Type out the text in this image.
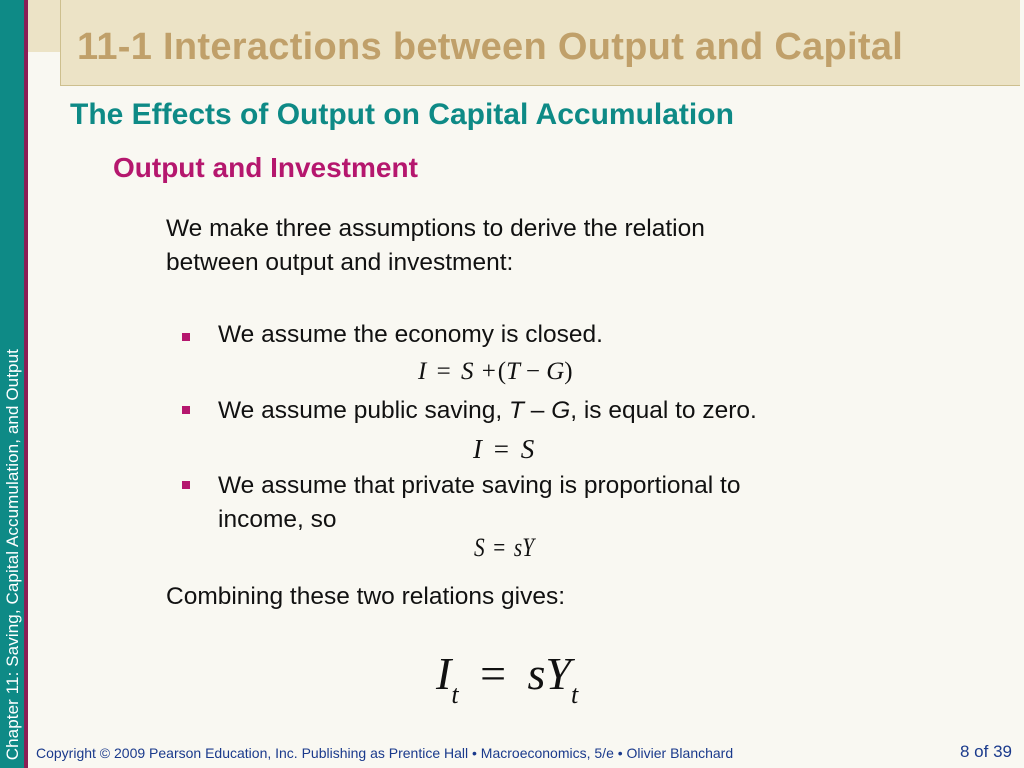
Chapter 11: Saving, Capital Accumulation, and Output
11-1 Interactions between Output and Capital
The Effects of Output on Capital Accumulation
Output and Investment
We make three assumptions to derive the relation
between output and investment:
We assume the economy is closed.
I = S +(T − G)
We assume public saving, T – G, is equal to zero.
I = S
We assume that private saving is proportional to
income, so
S = sY
Combining these two relations gives:
$I_t = sY_t$
Copyright © 2009 Pearson Education, Inc. Publishing as Prentice Hall • Macroeconomics, 5/e • Olivier Blanchard	8 of 39
